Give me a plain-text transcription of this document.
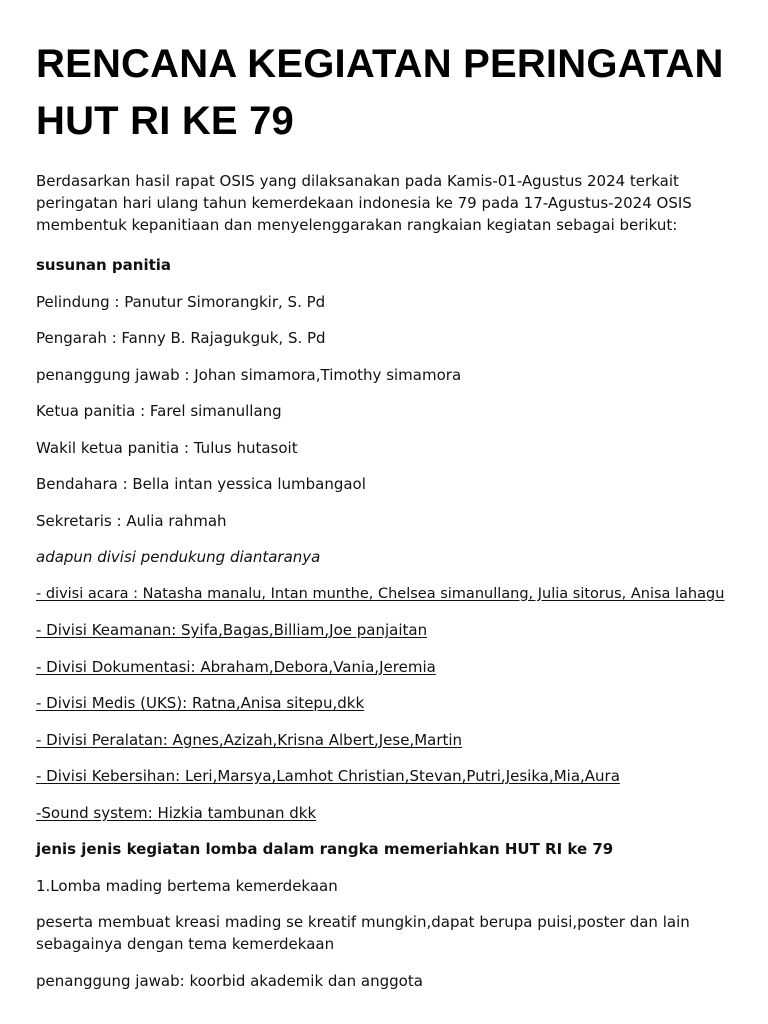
RENCANA KEGIATAN PERINGATAN HUT RI KE 79

Berdasarkan hasil rapat OSIS yang dilaksanakan pada Kamis-01-Agustus 2024 terkait peringatan hari ulang tahun kemerdekaan indonesia ke 79 pada 17-Agustus-2024 OSIS membentuk kepanitiaan dan menyelenggarakan rangkaian kegiatan sebagai berikut:

susunan panitia

Pelindung : Panutur Simorangkir, S. Pd

Pengarah : Fanny B. Rajagukguk, S. Pd

penanggung jawab : Johan simamora,Timothy simamora

Ketua panitia : Farel simanullang

Wakil ketua panitia : Tulus hutasoit

Bendahara : Bella intan yessica lumbangaol

Sekretaris : Aulia rahmah

adapun divisi pendukung diantaranya

- divisi acara : Natasha manalu, Intan munthe, Chelsea simanullang, Julia sitorus, Anisa lahagu

- Divisi Keamanan: Syifa,Bagas,Billiam,Joe panjaitan

- Divisi Dokumentasi: Abraham,Debora,Vania,Jeremia

- Divisi Medis (UKS): Ratna,Anisa sitepu,dkk

- Divisi Peralatan: Agnes,Azizah,Krisna Albert,Jese,Martin

- Divisi Kebersihan: Leri,Marsya,Lamhot Christian,Stevan,Putri,Jesika,Mia,Aura

-Sound system: Hizkia tambunan dkk

jenis jenis kegiatan lomba dalam rangka memeriahkan HUT RI ke 79

1.Lomba mading bertema kemerdekaan

peserta membuat kreasi mading se kreatif mungkin,dapat berupa puisi,poster dan lain sebagainya dengan tema kemerdekaan

penanggung jawab: koorbid akademik dan anggota
